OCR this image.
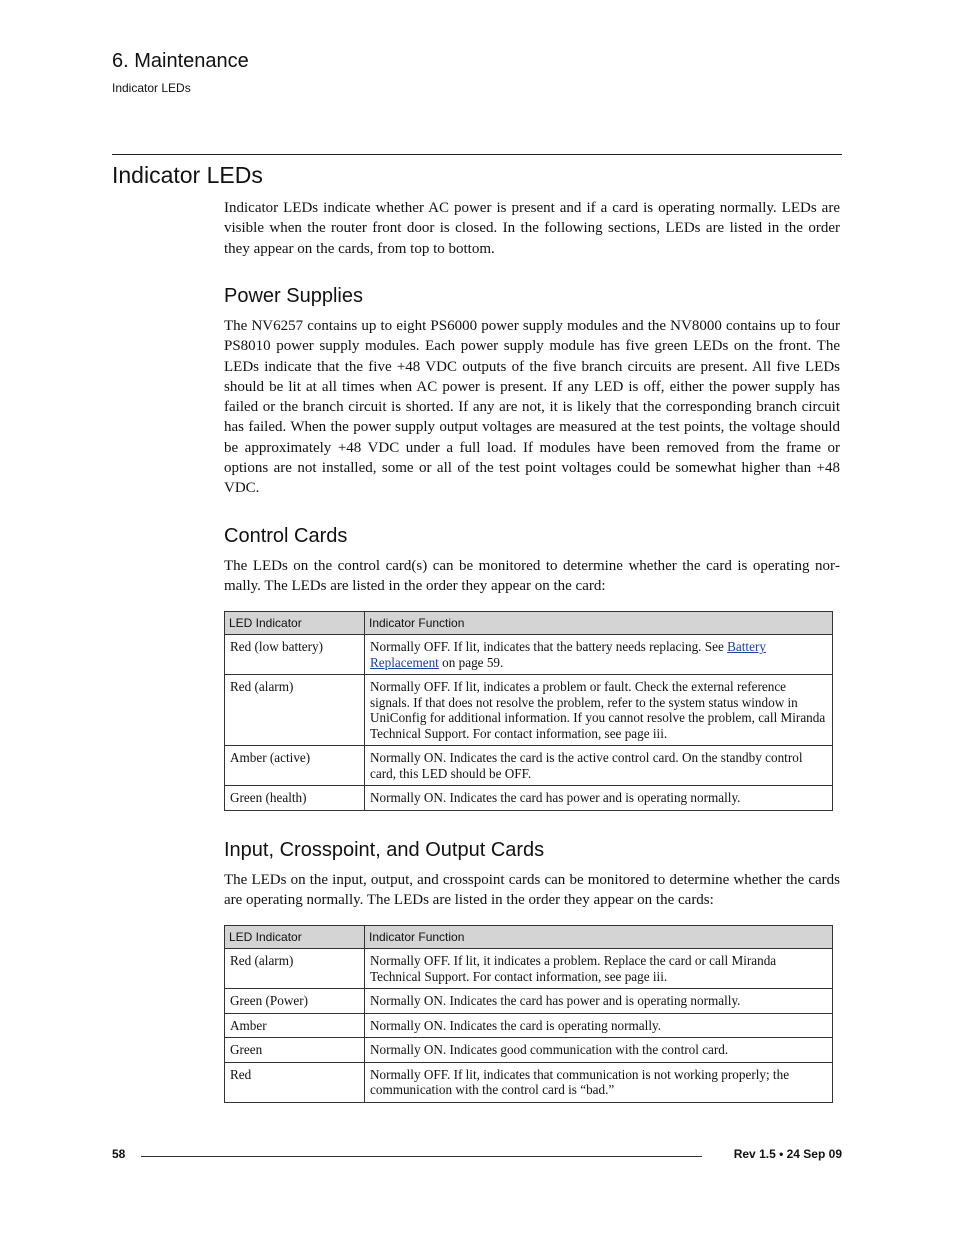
6. Maintenance
Indicator LEDs
Indicator LEDs
Indicator LEDs indicate whether AC power is present and if a card is operating normally. LEDs are visible when the router front door is closed. In the following sections, LEDs are listed in the order they appear on the cards, from top to bottom.
Power Supplies
The NV6257 contains up to eight PS6000 power supply modules and the NV8000 contains up to four PS8010 power supply modules. Each power supply module has five green LEDs on the front. The LEDs indicate that the five +48 VDC outputs of the five branch circuits are present. All five LEDs should be lit at all times when AC power is present. If any LED is off, either the power supply has failed or the branch circuit is shorted. If any are not, it is likely that the corresponding branch circuit has failed. When the power supply output voltages are measured at the test points, the voltage should be approximately +48 VDC under a full load. If modules have been removed from the frame or options are not installed, some or all of the test point voltages could be somewhat higher than +48 VDC.
Control Cards
The LEDs on the control card(s) can be monitored to determine whether the card is operating normally. The LEDs are listed in the order they appear on the card:
LED Indicator	Indicator Function
Red (low battery)	Normally OFF. If lit, indicates that the battery needs replacing. See Battery Replacement on page 59.
Red (alarm)	Normally OFF. If lit, indicates a problem or fault. Check the external reference signals. If that does not resolve the problem, refer to the system status window in UniConfig for additional information. If you cannot resolve the problem, call Miranda Technical Support. For contact information, see page iii.
Amber (active)	Normally ON. Indicates the card is the active control card. On the standby control card, this LED should be OFF.
Green (health)	Normally ON. Indicates the card has power and is operating normally.
Input, Crosspoint, and Output Cards
The LEDs on the input, output, and crosspoint cards can be monitored to determine whether the cards are operating normally. The LEDs are listed in the order they appear on the cards:
LED Indicator	Indicator Function
Red (alarm)	Normally OFF. If lit, it indicates a problem. Replace the card or call Miranda Technical Support. For contact information, see page iii.
Green (Power)	Normally ON. Indicates the card has power and is operating normally.
Amber	Normally ON. Indicates the card is operating normally.
Green	Normally ON. Indicates good communication with the control card.
Red	Normally OFF. If lit, indicates that communication is not working properly; the communication with the control card is “bad.”
58	Rev 1.5 • 24 Sep 09
